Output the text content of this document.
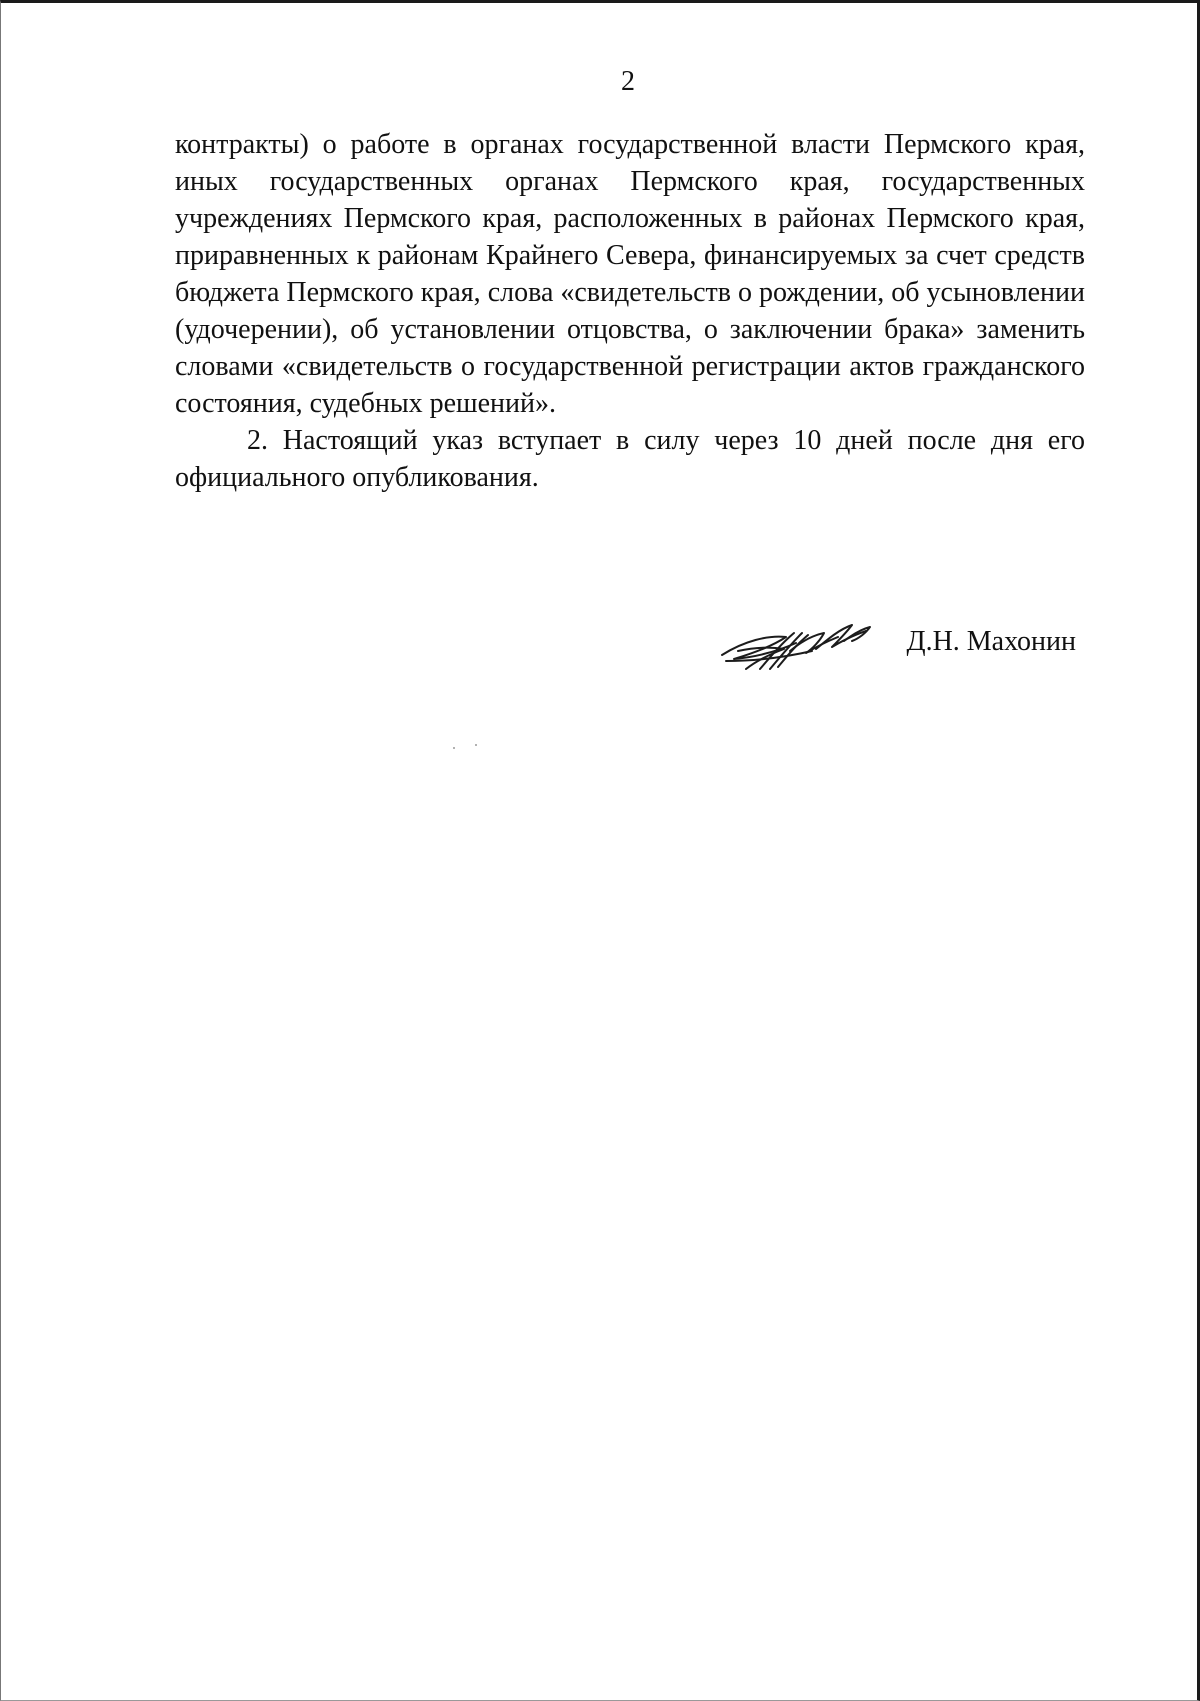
2

контракты) о работе в органах государственной власти Пермского края, иных государственных органах Пермского края, государственных учреждениях Пермского края, расположенных в районах Пермского края, приравненных к районам Крайнего Севера, финансируемых за счет средств бюджета Пермского края, слова «свидетельств о рождении, об усыновлении (удочерении), об установлении отцовства, о заключении брака» заменить словами «свидетельств о государственной регистрации актов гражданского состояния, судебных решений».

2. Настоящий указ вступает в силу через 10 дней после дня его официального опубликования.

Д.Н. Махонин
